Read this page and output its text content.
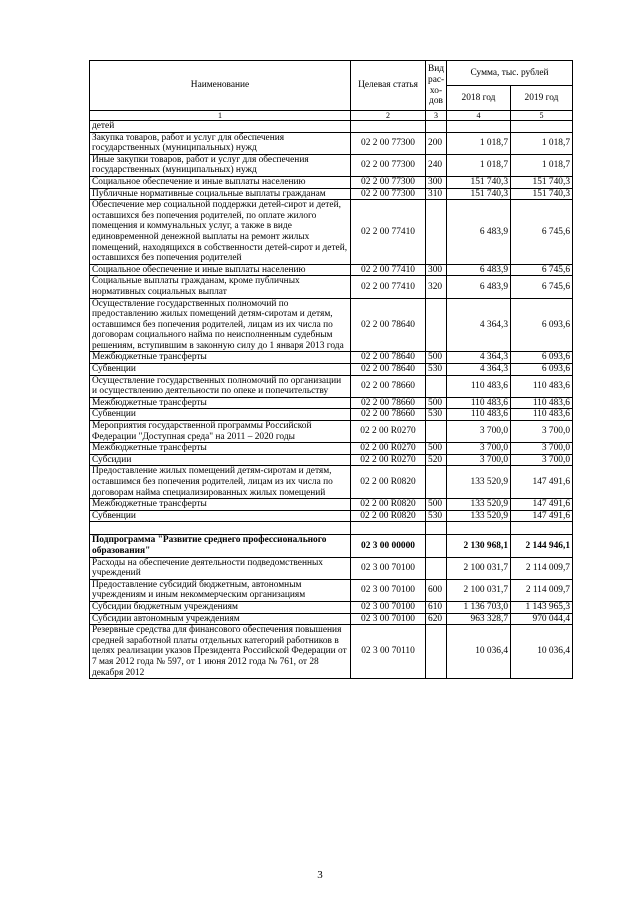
Наименование	Целевая статья	Вид рас-хо-дов	Сумма, тыс. рублей	
			2018 год	2019 год
1	2	3	4	5
детей				
Закупка товаров, работ и услуг для обеспечения государственных (муниципальных) нужд	02 2 00 77300	200	1 018,7	1 018,7
Иные закупки товаров, работ и услуг для обеспечения государственных (муниципальных) нужд	02 2 00 77300	240	1 018,7	1 018,7
Социальное обеспечение и иные выплаты населению	02 2 00 77300	300	151 740,3	151 740,3
Публичные нормативные социальные выплаты гражданам	02 2 00 77300	310	151 740,3	151 740,3
Обеспечение мер социальной поддержки детей-сирот и детей, оставшихся без попечения родителей, по оплате жилого помещения и коммунальных услуг, а также в виде единовременной денежной выплаты на ремонт жилых помещений, находящихся в собственности детей-сирот и детей, оставшихся без попечения родителей	02 2 00 77410		6 483,9	6 745,6
Социальное обеспечение и иные выплаты населению	02 2 00 77410	300	6 483,9	6 745,6
Социальные выплаты гражданам, кроме публичных нормативных социальных выплат	02 2 00 77410	320	6 483,9	6 745,6
Осуществление государственных полномочий по предоставлению жилых помещений детям-сиротам и детям, оставшимся без попечения родителей, лицам из их числа по договорам социального найма по неисполненным судебным решениям, вступившим в законную силу до 1 января 2013 года	02 2 00 78640		4 364,3	6 093,6
Межбюджетные трансферты	02 2 00 78640	500	4 364,3	6 093,6
Субвенции	02 2 00 78640	530	4 364,3	6 093,6
Осуществление государственных полномочий по организации и осуществлению деятельности по опеке и попечительству	02 2 00 78660		110 483,6	110 483,6
Межбюджетные трансферты	02 2 00 78660	500	110 483,6	110 483,6
Субвенции	02 2 00 78660	530	110 483,6	110 483,6
Мероприятия государственной программы Российской Федерации "Доступная среда" на 2011 – 2020 годы	02 2 00 R0270		3 700,0	3 700,0
Межбюджетные трансферты	02 2 00 R0270	500	3 700,0	3 700,0
Субсидии	02 2 00 R0270	520	3 700,0	3 700,0
Предоставление жилых помещений детям-сиротам и детям, оставшимся без попечения родителей, лицам из их числа по договорам найма специализированных жилых помещений	02 2 00 R0820		133 520,9	147 491,6
Межбюджетные трансферты	02 2 00 R0820	500	133 520,9	147 491,6
Субвенции	02 2 00 R0820	530	133 520,9	147 491,6

Подпрограмма "Развитие среднего профессионального образования"	02 3 00 00000		2 130 968,1	2 144 946,1
Расходы на обеспечение деятельности подведомственных учреждений	02 3 00 70100		2 100 031,7	2 114 009,7
Предоставление субсидий бюджетным, автономным учреждениям и иным некоммерческим организациям	02 3 00 70100	600	2 100 031,7	2 114 009,7
Субсидии бюджетным учреждениям	02 3 00 70100	610	1 136 703,0	1 143 965,3
Субсидии автономным учреждениям	02 3 00 70100	620	963 328,7	970 044,4
Резервные средства для финансового обеспечения повышения средней заработной платы отдельных категорий работников в целях реализации указов Президента Российской Федерации от 7 мая 2012 года № 597, от 1 июня 2012 года № 761, от 28 декабря 2012	02 3 00 70110		10 036,4	10 036,4
3
